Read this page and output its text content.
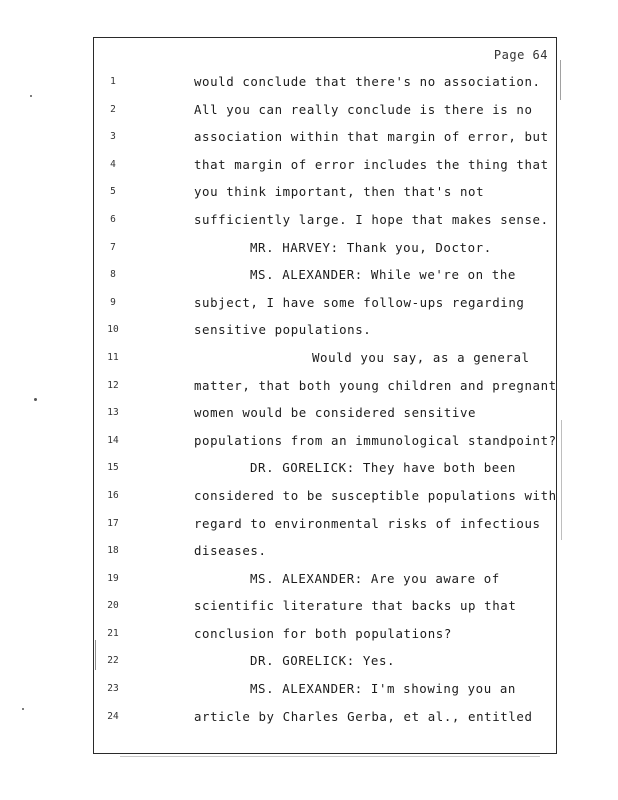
Page 64
1	would conclude that there's no association.
2	All you can really conclude is there is no
3	association within that margin of error, but
4	that margin of error includes the thing that
5	you think important, then that's not
6	sufficiently large. I hope that makes sense.
7	MR. HARVEY: Thank you, Doctor.
8	MS. ALEXANDER: While we're on the
9	subject, I have some follow-ups regarding
10	sensitive populations.
11	Would you say, as a general
12	matter, that both young children and pregnant
13	women would be considered sensitive
14	populations from an immunological standpoint?
15	DR. GORELICK: They have both been
16	considered to be susceptible populations with
17	regard to environmental risks of infectious
18	diseases.
19	MS. ALEXANDER: Are you aware of
20	scientific literature that backs up that
21	conclusion for both populations?
22	DR. GORELICK: Yes.
23	MS. ALEXANDER: I'm showing you an
24	article by Charles Gerba, et al., entitled
